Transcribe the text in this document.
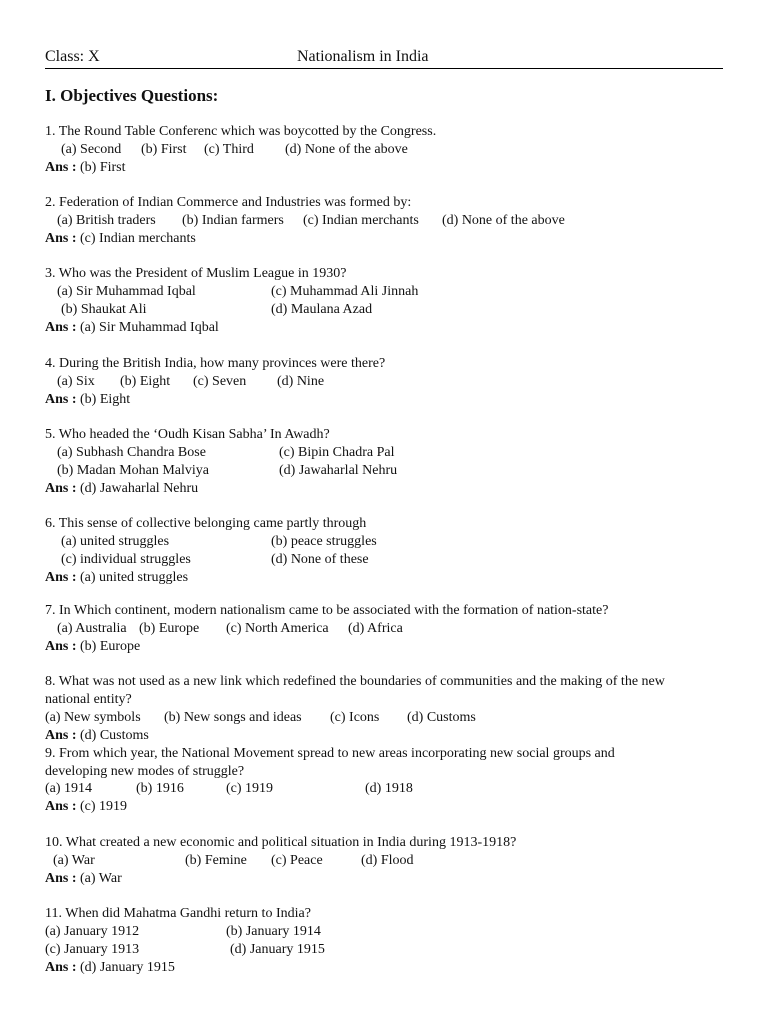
Class: X	Nationalism in India
I. Objectives Questions:
1. The Round Table Conferenc which was boycotted by the Congress.
(a) Second (b) First (c) Third (d) None of the above
Ans : (b) First
2. Federation of Indian Commerce and Industries was formed by:
(a) British traders (b) Indian farmers (c) Indian merchants (d) None of the above
Ans : (c) Indian merchants
3. Who was the President of Muslim League in 1930?
(a) Sir Muhammad Iqbal	(c) Muhammad Ali Jinnah
(b) Shaukat Ali	(d) Maulana Azad
Ans : (a) Sir Muhammad Iqbal
4. During the British India, how many provinces were there?
(a) Six (b) Eight (c) Seven (d) Nine
Ans : (b) Eight
5. Who headed the ‘Oudh Kisan Sabha’ In Awadh?
(a) Subhash Chandra Bose	(c) Bipin Chadra Pal
(b) Madan Mohan Malviya	(d) Jawaharlal Nehru
Ans : (d) Jawaharlal Nehru
6. This sense of collective belonging came partly through
(a) united struggles	(b) peace struggles
(c) individual struggles	(d) None of these
Ans : (a) united struggles
7. In Which continent, modern nationalism came to be associated with the formation of nation-state?
(a) Australia (b) Europe (c) North America (d) Africa
Ans : (b) Europe
8. What was not used as a new link which redefined the boundaries of communities and the making of the new
national entity?
(a) New symbols (b) New songs and ideas (c) Icons (d) Customs
Ans : (d) Customs
9. From which year, the National Movement spread to new areas incorporating new social groups and
developing new modes of struggle?
(a) 1914	(b) 1916	(c) 1919	(d) 1918
Ans : (c) 1919
10. What created a new economic and political situation in India during 1913-1918?
(a) War	(b) Femine (c) Peace	(d) Flood
Ans : (a) War
11. When did Mahatma Gandhi return to India?
(a) January 1912	(b) January 1914
(c) January 1913	(d) January 1915
Ans : (d) January 1915
